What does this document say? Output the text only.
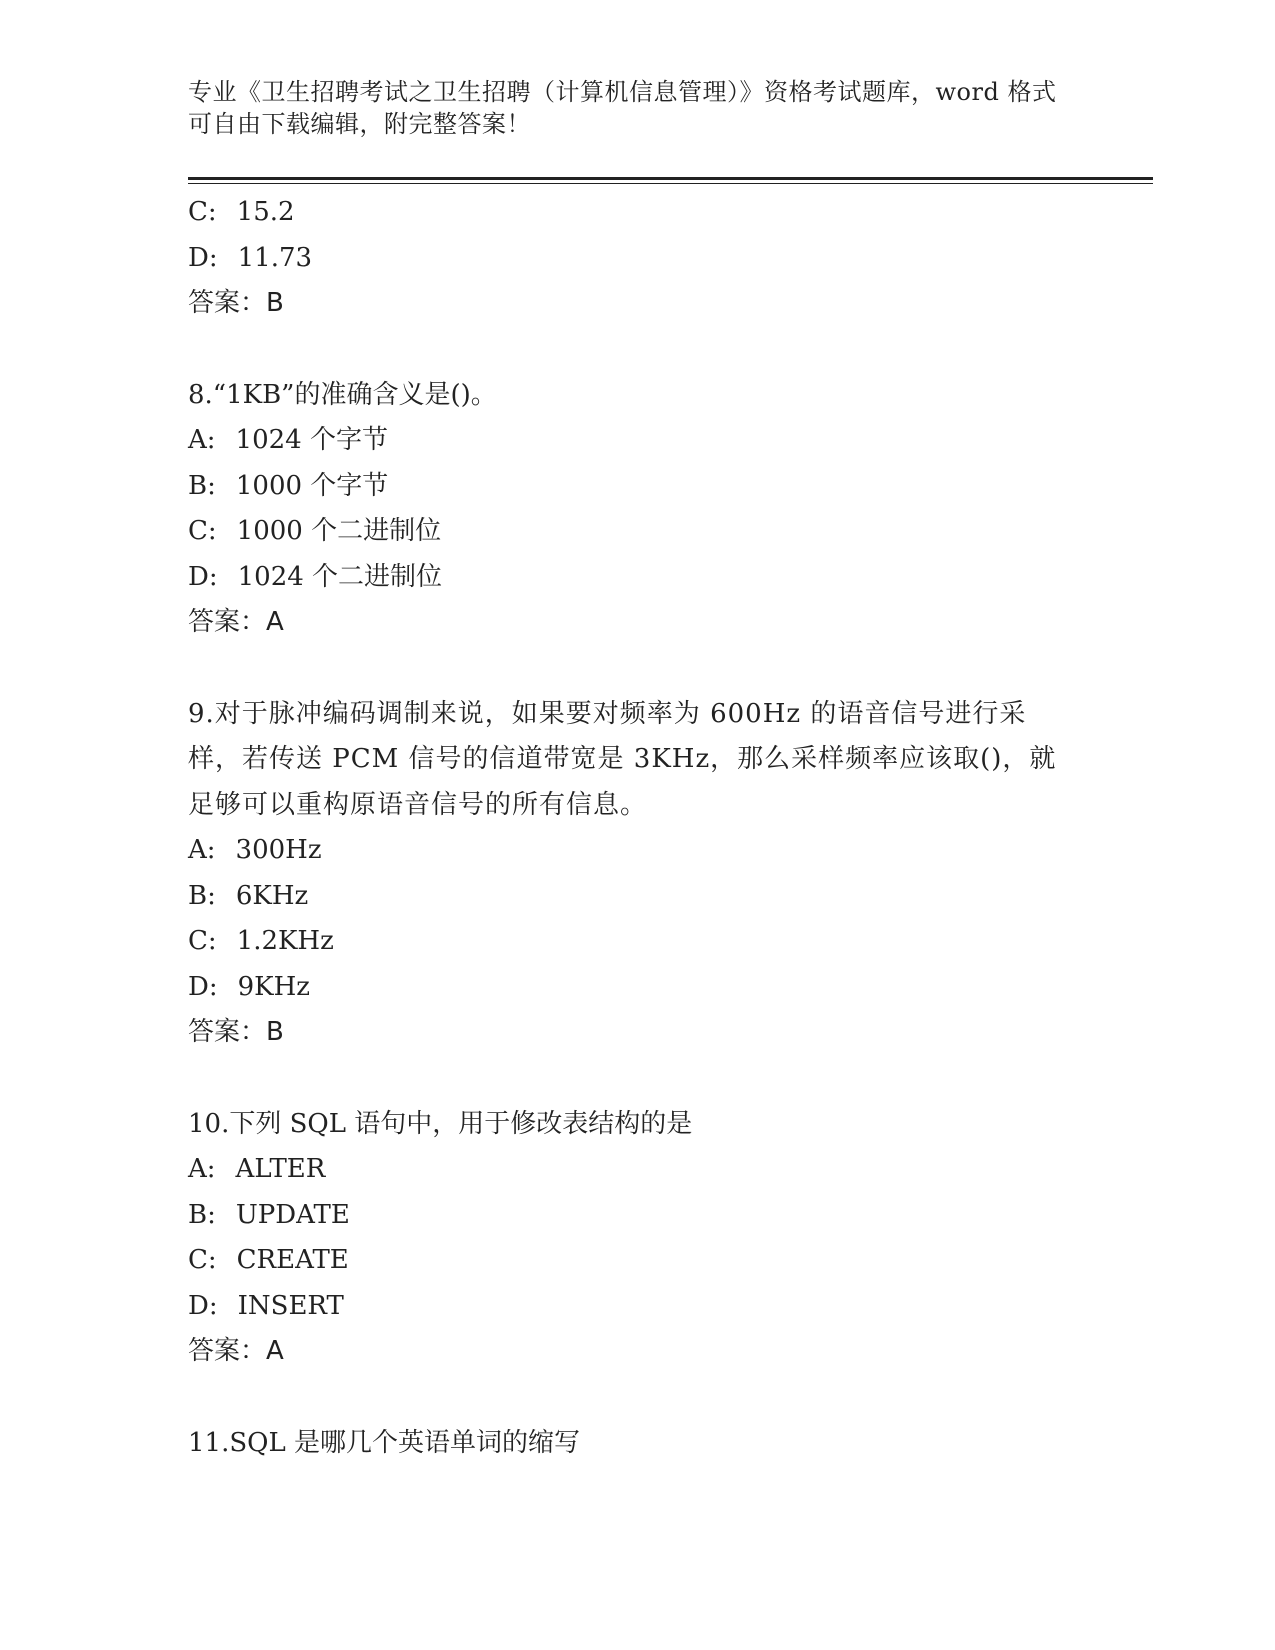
专业《卫生招聘考试之卫生招聘（计算机信息管理）》资格考试题库，word 格式
可自由下载编辑，附完整答案！
C: 15.2
D: 11.73
答案：B
8.“1KB”的准确含义是()。
A: 1024 个字节
B: 1000 个字节
C: 1000 个二进制位
D: 1024 个二进制位
答案：A
9.对于脉冲编码调制来说，如果要对频率为 600Hz 的语音信号进行采
样，若传送 PCM 信号的信道带宽是 3KHz，那么采样频率应该取()，就
足够可以重构原语音信号的所有信息。
A: 300Hz
B: 6KHz
C: 1.2KHz
D: 9KHz
答案：B
10.下列 SQL 语句中，用于修改表结构的是
A: ALTER
B: UPDATE
C: CREATE
D: INSERT
答案：A
11.SQL 是哪几个英语单词的缩写
